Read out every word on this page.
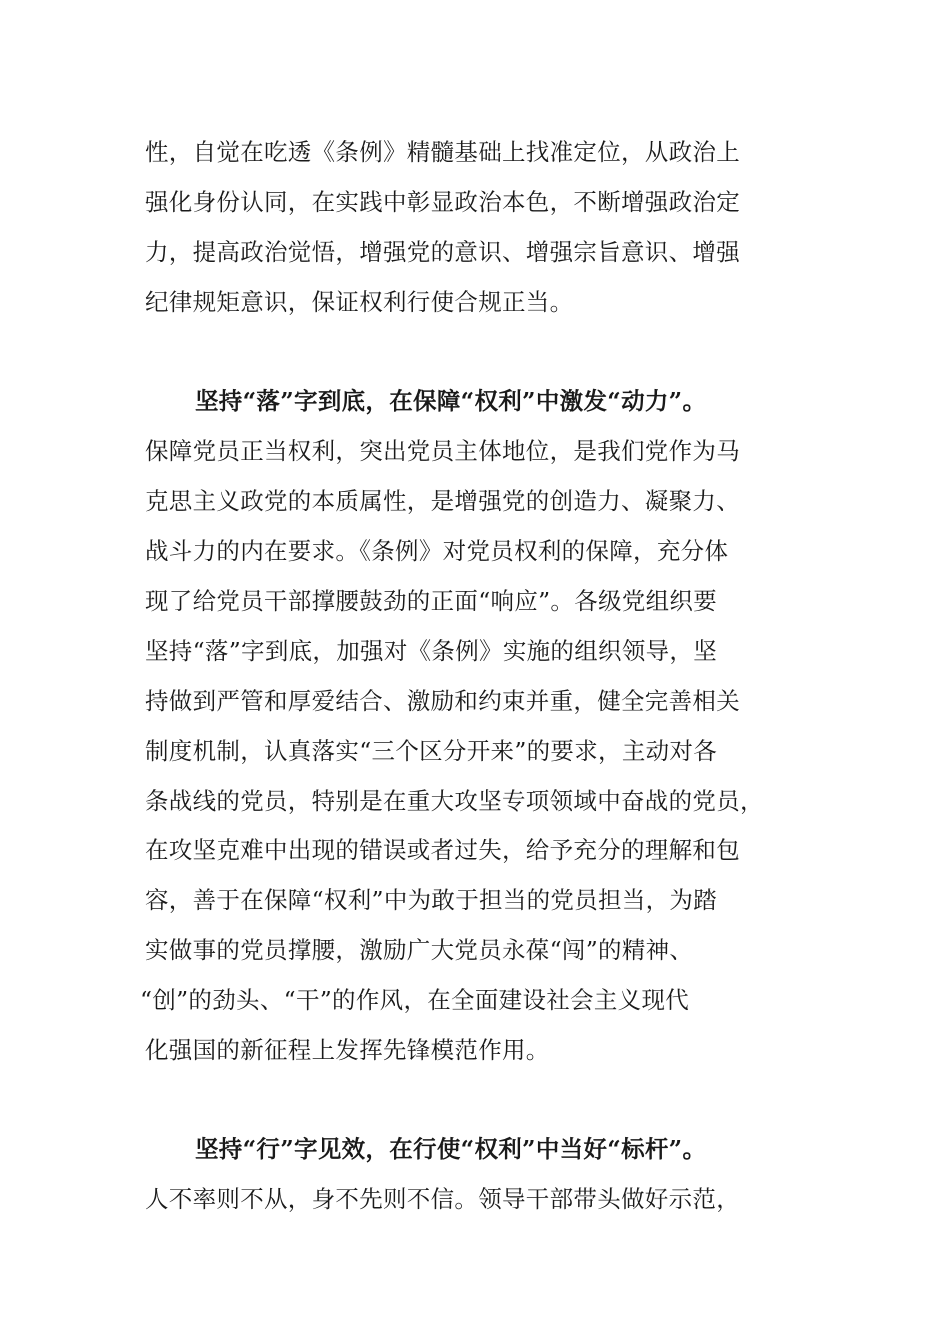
性，自觉在吃透《条例》精髓基础上找准定位，从政治上
强化身份认同，在实践中彰显政治本色，不断增强政治定
力，提高政治觉悟，增强党的意识、增强宗旨意识、增强
纪律规矩意识，保证权利行使合规正当。
坚持“落”字到底，在保障“权利”中激发“动力”。
保障党员正当权利，突出党员主体地位，是我们党作为马
克思主义政党的本质属性，是增强党的创造力、凝聚力、
战斗力的内在要求。《条例》对党员权利的保障，充分体
现了给党员干部撑腰鼓劲的正面“响应”。各级党组织要
坚持“落”字到底，加强对《条例》实施的组织领导，坚
持做到严管和厚爱结合、激励和约束并重，健全完善相关
制度机制，认真落实“三个区分开来”的要求，主动对各
条战线的党员，特别是在重大攻坚专项领域中奋战的党员，
在攻坚克难中出现的错误或者过失，给予充分的理解和包
容，善于在保障“权利”中为敢于担当的党员担当，为踏
实做事的党员撑腰，激励广大党员永葆“闯”的精神、
“创”的劲头、“干”的作风，在全面建设社会主义现代
化强国的新征程上发挥先锋模范作用。
坚持“行”字见效，在行使“权利”中当好“标杆”。
人不率则不从，身不先则不信。领导干部带头做好示范，
